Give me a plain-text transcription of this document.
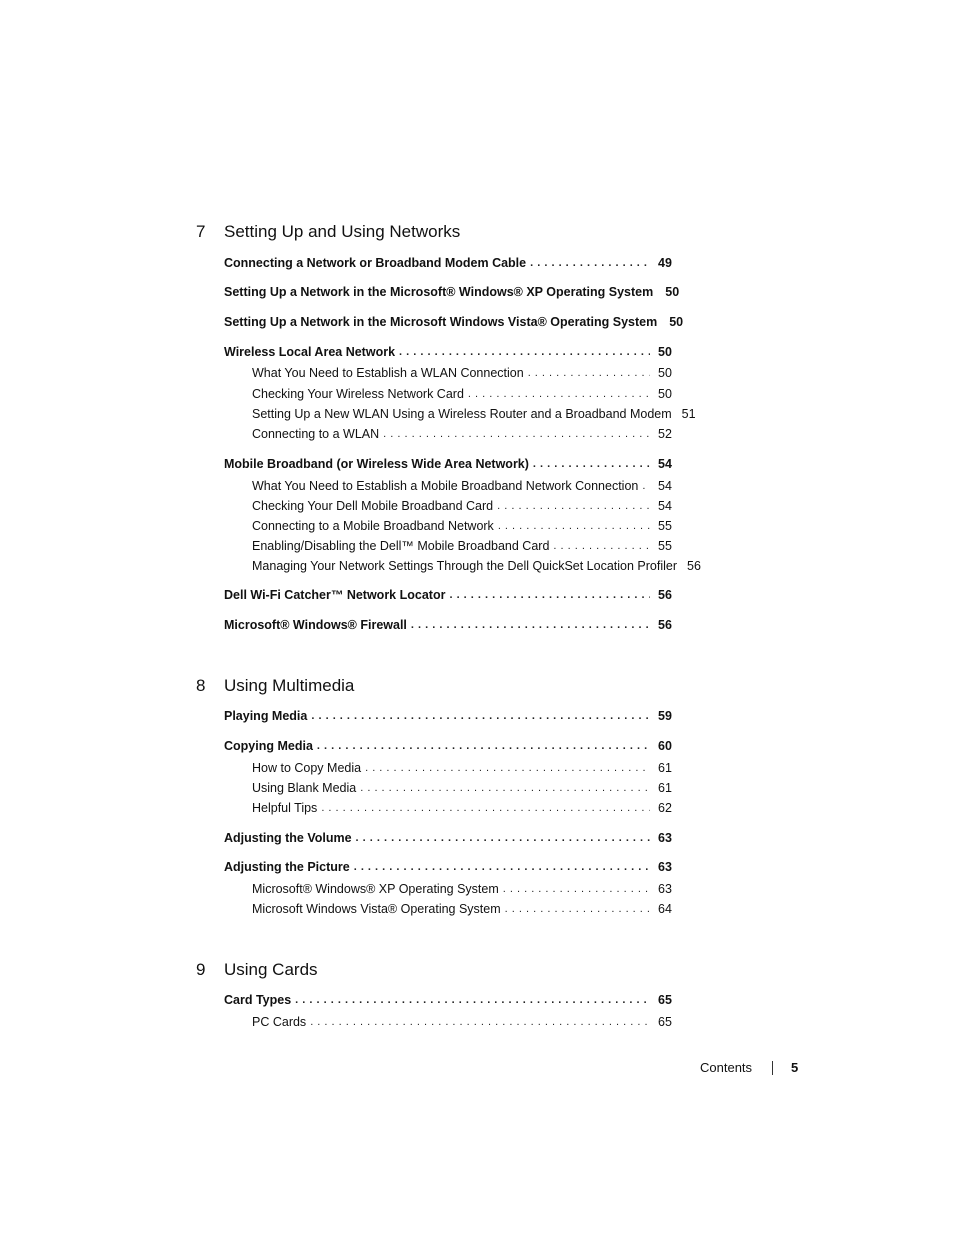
7	Setting Up and Using Networks
Connecting a Network or Broadband Modem Cable . . .	49
Setting Up a Network in the Microsoft® Windows® XP Operating System 50
Setting Up a Network in the Microsoft Windows Vista® Operating System 50
Wireless Local Area Network . . .	50
What You Need to Establish a WLAN Connection . . .	50
Checking Your Wireless Network Card . . .	50
Setting Up a New WLAN Using a Wireless Router and a Broadband Modem 51
Connecting to a WLAN . . .	52
Mobile Broadband (or Wireless Wide Area Network) . . .	54
What You Need to Establish a Mobile Broadband Network Connection . . .	54
Checking Your Dell Mobile Broadband Card . . .	54
Connecting to a Mobile Broadband Network . . .	55
Enabling/Disabling the Dell™ Mobile Broadband Card . . .	55
Managing Your Network Settings Through the Dell QuickSet Location Profiler 56
Dell Wi-Fi Catcher™ Network Locator . . .	56
Microsoft® Windows® Firewall . . .	56
8	Using Multimedia
Playing Media . . .	59
Copying Media . . .	60
How to Copy Media . . .	61
Using Blank Media . . .	61
Helpful Tips . . .	62
Adjusting the Volume . . .	63
Adjusting the Picture . . .	63
Microsoft® Windows® XP Operating System . . .	63
Microsoft Windows Vista® Operating System . . .	64
9	Using Cards
Card Types . . .	65
PC Cards . . .	65
Contents	5
